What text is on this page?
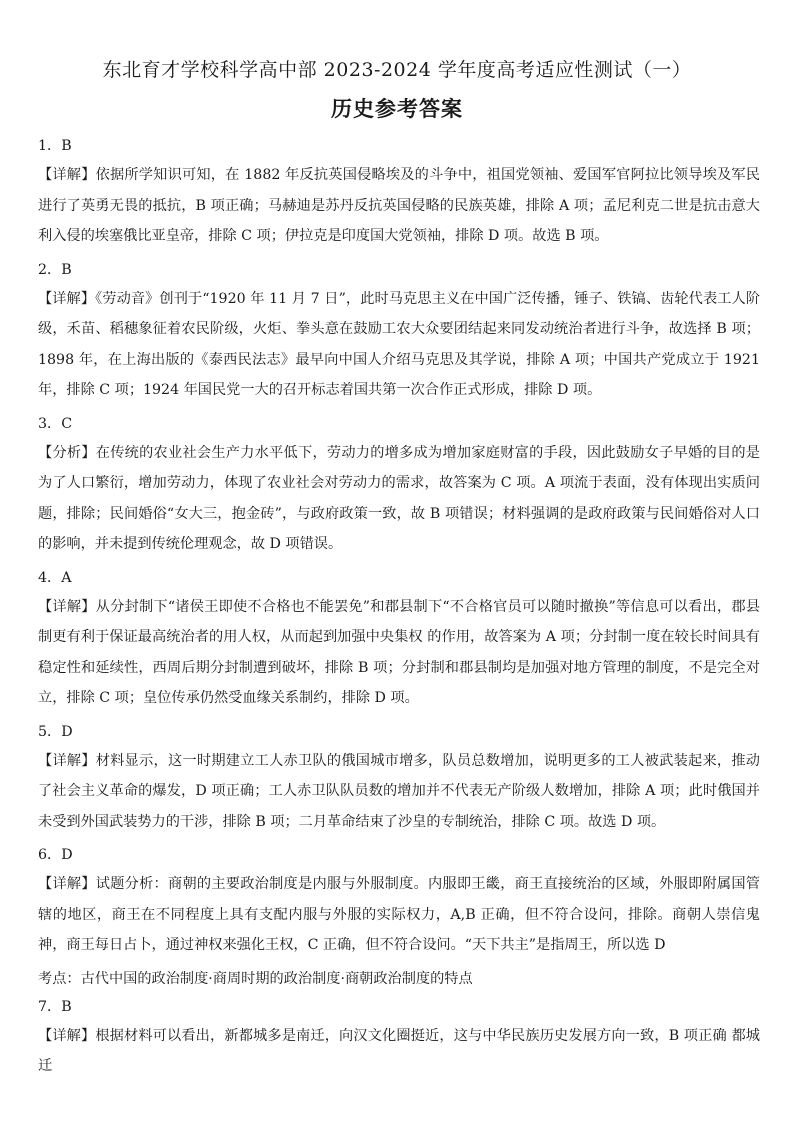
东北育才学校科学高中部 2023-2024 学年度高考适应性测试（一）
历史参考答案
1．B
【详解】依据所学知识可知，在 1882 年反抗英国侵略埃及的斗争中，祖国党领袖、爱国军官阿拉比领导埃及军民进行了英勇无畏的抵抗，B 项正确；马赫迪是苏丹反抗英国侵略的民族英雄，排除 A 项；孟尼利克二世是抗击意大利入侵的埃塞俄比亚皇帝，排除 C 项；伊拉克是印度国大党领袖，排除 D 项。故选 B 项。
2．B
【详解】《劳动音》创刊于“1920 年 11 月 7 日”，此时马克思主义在中国广泛传播，锤子、铁镐、齿轮代表工人阶级，禾苗、稻穗象征着农民阶级，火炬、拳头意在鼓励工农大众要团结起来同发动统治者进行斗争，故选择 B 项；1898 年，在上海出版的《泰西民法志》最早向中国人介绍马克思及其学说，排除 A 项；中国共产党成立于 1921 年，排除 C 项；1924 年国民党一大的召开标志着国共第一次合作正式形成，排除 D 项。
3．C
【分析】在传统的农业社会生产力水平低下，劳动力的增多成为增加家庭财富的手段，因此鼓励女子早婚的目的是为了人口繁衍，增加劳动力，体现了农业社会对劳动力的需求，故答案为 C 项。A 项流于表面，没有体现出实质问题，排除；民间婚俗“女大三，抱金砖”，与政府政策一致，故 B 项错误；材料强调的是政府政策与民间婚俗对人口的影响，并未提到传统伦理观念，故 D 项错误。
4．A
【详解】从分封制下“诸侯王即使不合格也不能罢免”和郡县制下“不合格官员可以随时撤换”等信息可以看出，郡县制更有利于保证最高统治者的用人权，从而起到加强中央集权 的作用，故答案为 A 项；分封制一度在较长时间具有稳定性和延续性，西周后期分封制遭到破坏，排除 B 项；分封制和郡县制均是加强对地方管理的制度，不是完全对立，排除 C 项；皇位传承仍然受血缘关系制约，排除 D 项。
5．D
【详解】材料显示，这一时期建立工人赤卫队的俄国城市增多，队员总数增加，说明更多的工人被武装起来，推动了社会主义革命的爆发，D 项正确；工人赤卫队队员数的增加并不代表无产阶级人数增加，排除 A 项；此时俄国并未受到外国武装势力的干涉，排除 B 项；二月革命结束了沙皇的专制统治，排除 C 项。故选 D 项。
6．D
【详解】试题分析：商朝的主要政治制度是内服与外服制度。内服即王畿，商王直接统治的区域，外服即附属国管辖的地区，商王在不同程度上具有支配内服与外服的实际权力，A,B 正确，但不符合设问，排除。商朝人崇信鬼神，商王每日占卜，通过神权来强化王权，C 正确，但不符合设问。“天下共主”是指周王，所以选 D
考点：古代中国的政治制度·商周时期的政治制度·商朝政治制度的特点
7．B
【详解】根据材料可以看出，新都城多是南迁，向汉文化圈挺近，这与中华民族历史发展方向一致，B 项正确 都城迁
